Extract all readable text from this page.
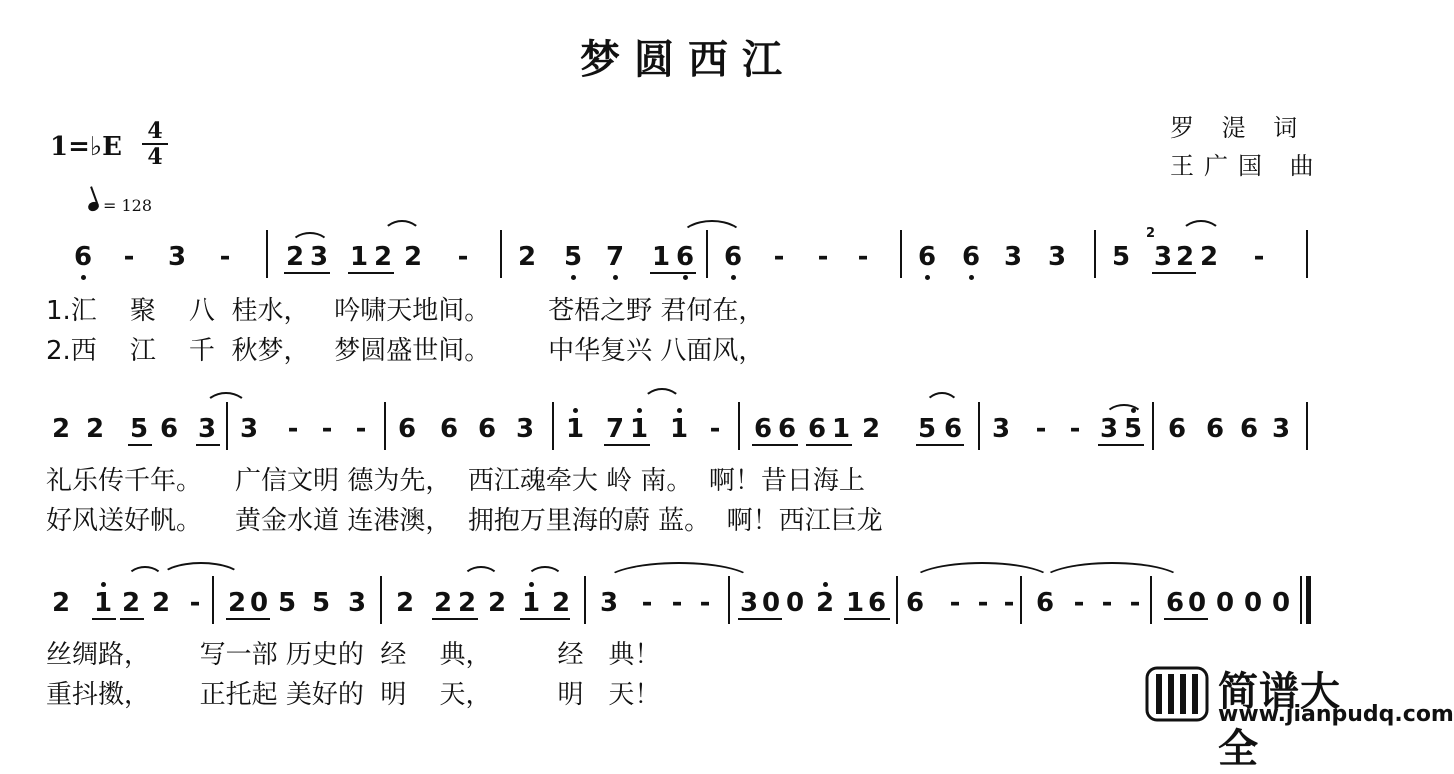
梦圆西江
1=♭E
4
4
罗 湜 词
王广国 曲
= 128
6 - 3 - 2 3 1 2 2 - 2 5 7 1 6 6 - - - 6 6 3 3 5
2
3 2 2 -
1.汇    聚    八  桂水，   吟啸天地间。       苍梧之野 君何在，
2.西    江    千  秋梦，   梦圆盛世间。       中华复兴 八面风，
2 2 5 6 3 3 - - - 6 6 6 3 1 7 1 1 - 6 6 6 1 2 5 6 3 - - 3 5 6 6 6 3
礼乐传千年。    广信文明 德为先，  西江魂牵大 岭 南。  啊！昔日海上
好风送好帆。    黄金水道 连港澳，  拥抱万里海的蔚 蓝。  啊！西江巨龙
2 1 2 2 - 2 0 5 5 3 2 2 2 2 1 2 3 - - - 3 0 0 2 1 6 6 - - - 6 - - - 6 0 0 0 0
丝绸路，      写一部 历史的  经    典，        经   典！
重抖擞，      正托起 美好的  明    天，        明   天！	简谱大全
www.jianpudq.com
